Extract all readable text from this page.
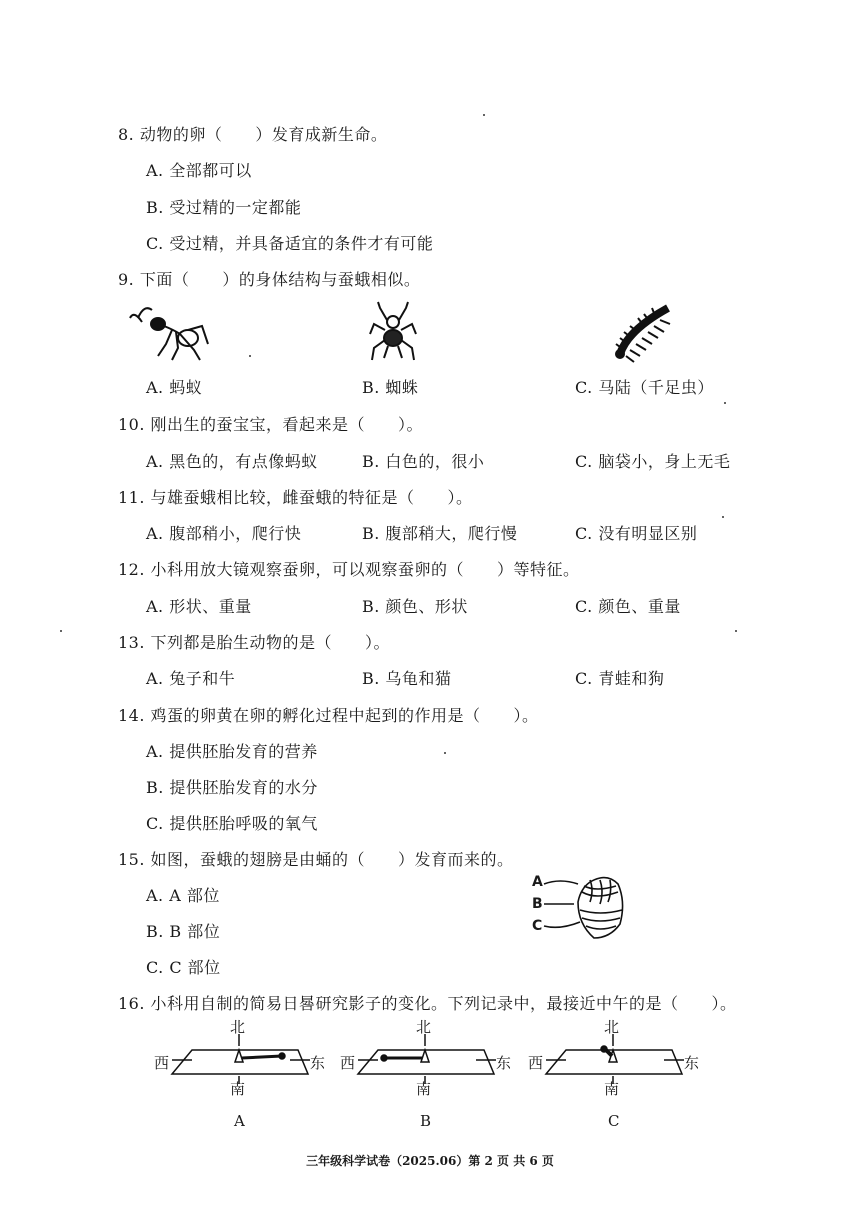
8. 动物的卵（　　）发育成新生命。
A. 全部都可以
B. 受过精的一定都能
C. 受过精，并具备适宜的条件才有可能
9. 下面（　　）的身体结构与蚕蛾相似。
A. 蚂蚁	B. 蜘蛛	C. 马陆（千足虫）
10. 刚出生的蚕宝宝，看起来是（　　）。
A. 黑色的，有点像蚂蚁	B. 白色的，很小	C. 脑袋小，身上无毛
11. 与雄蚕蛾相比较，雌蚕蛾的特征是（　　）。
A. 腹部稍小，爬行快	B. 腹部稍大，爬行慢	C. 没有明显区别
12. 小科用放大镜观察蚕卵，可以观察蚕卵的（　　）等特征。
A. 形状、重量	B. 颜色、形状	C. 颜色、重量
13. 下列都是胎生动物的是（　　）。
A. 兔子和牛	B. 乌龟和猫	C. 青蛙和狗
14. 鸡蛋的卵黄在卵的孵化过程中起到的作用是（　　）。
A. 提供胚胎发育的营养
B. 提供胚胎发育的水分
C. 提供胚胎呼吸的氧气
15. 如图，蚕蛾的翅膀是由蛹的（　　）发育而来的。
A. A 部位
B. B 部位
C. C 部位
A
B
C
16. 小科用自制的简易日晷研究影子的变化。下列记录中，最接近中午的是（　　）。
北
西	东
南
A
北
西	东
南
B
北
西	东
南
C
三年级科学试卷（2025.06）第 2 页 共 6 页
